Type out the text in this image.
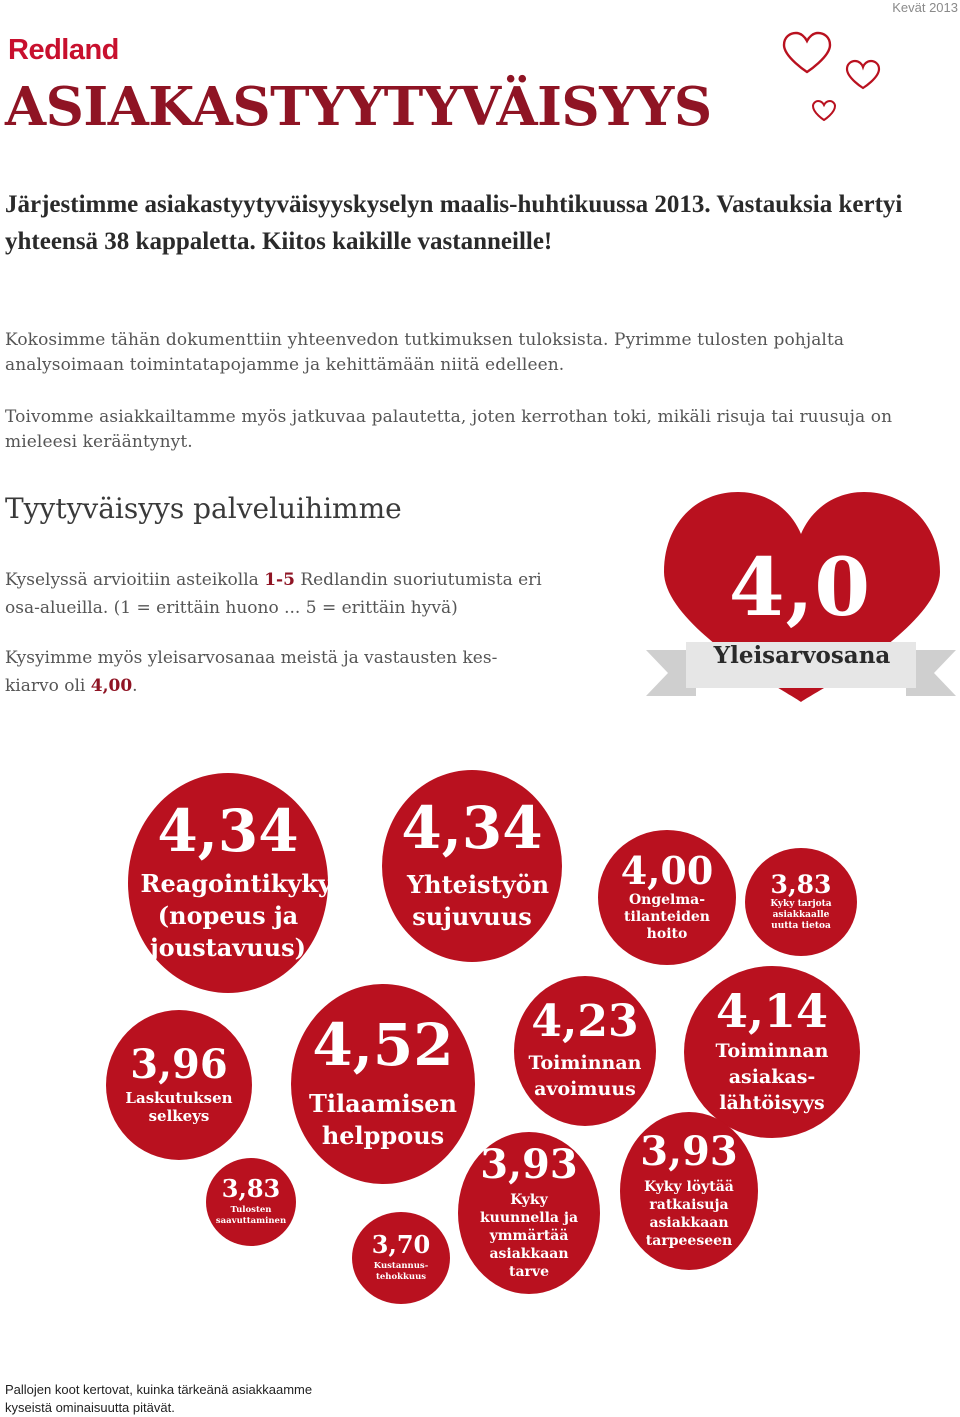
Kevät 2013
Redland
ASIAKASTYYTYVÄISYYS

Järjestimme asiakastyytyväisyyskyselyn maalis-huhtikuussa 2013. Vastauksia kertyi yhteensä 38 kappaletta. Kiitos kaikille vastanneille!

Kokosimme tähän dokumenttiin yhteenvedon tutkimuksen tuloksista. Pyrimme tulosten pohjalta analysoimaan toimintatapojamme ja kehittämään niitä edelleen.

Toivomme asiakkailtamme myös jatkuvaa palautetta, joten kerrothan toki, mikäli risuja tai ruusuja on mieleesi kerääntynyt.

Tyytyväisyys palveluihimme

Kyselyssä arvioitiin asteikolla 1-5 Redlandin suoriutumista eri osa-alueilla. (1 = erittäin huono ... 5 = erittäin hyvä)

Kysyimme myös yleisarvosanaa meistä ja vastausten keskiarvo oli 4,00.

4,0
Yleisarvosana
4,34
Reagointikyky (nopeus ja joustavuus)
4,34
Yhteistyön sujuvuus
4,00
Ongelma- tilanteiden hoito
3,83
Kyky tarjota asiakkaalle uutta tietoa
3,96
Laskutuksen selkeys
4,52
Tilaamisen helppous
4,23
Toiminnan avoimuus
4,14
Toiminnan asiakas- lähtöisyys
3,83
Tulosten saavuttaminen
3,70
Kustannus- tehokkuus
3,93
Kyky kuunnella ja ymmärtää asiakkaan tarve
3,93
Kyky löytää ratkaisuja asiakkaan tarpeeseen

Pallojen koot kertovat, kuinka tärkeänä asiakkaamme kyseistä ominaisuutta pitävät.
